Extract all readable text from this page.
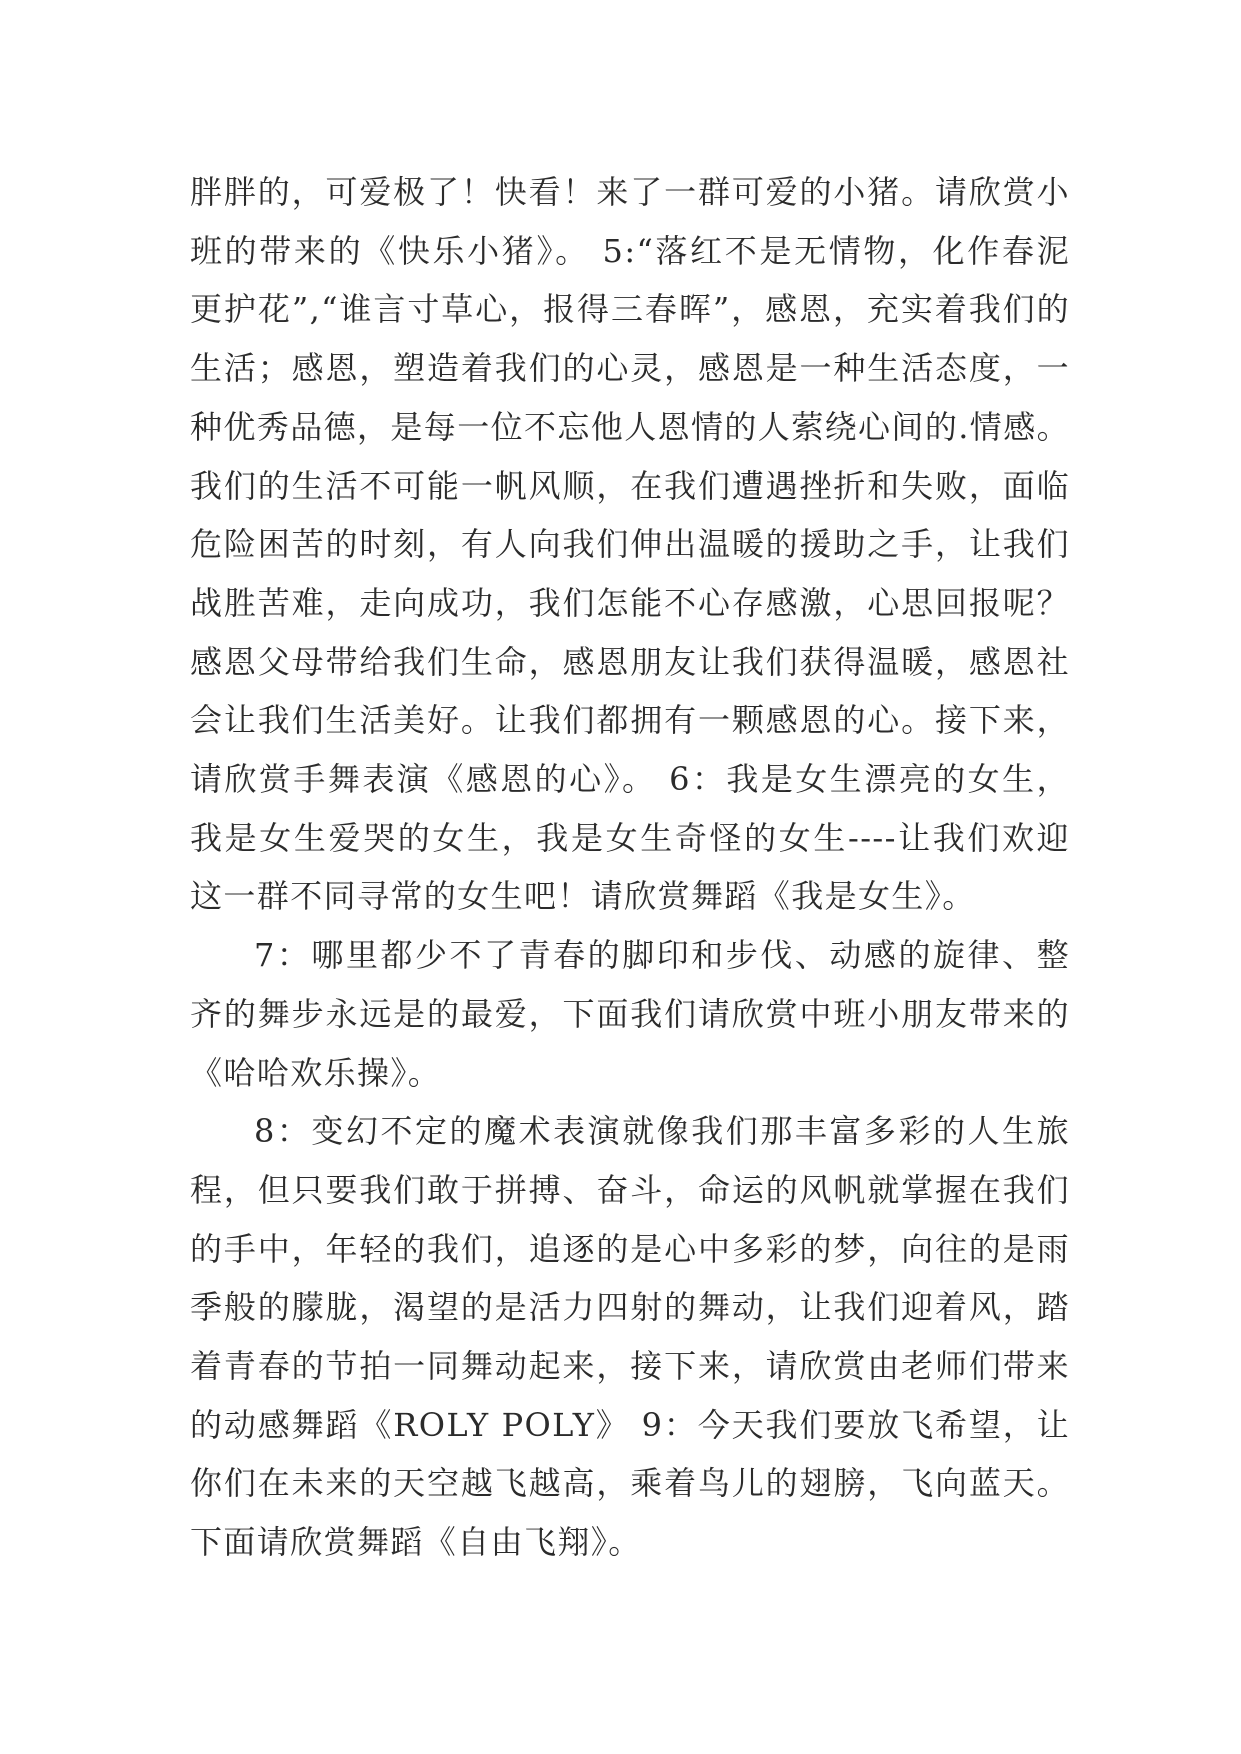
胖胖的，可爱极了！快看！来了一群可爱的小猪。请欣赏小班的带来的《快乐小猪》。 5:“落红不是无情物，化作春泥更护花”,“谁言寸草心，报得三春晖”，感恩，充实着我们的生活；感恩，塑造着我们的心灵，感恩是一种生活态度，一种优秀品德，是每一位不忘他人恩情的人萦绕心间的.情感。我们的生活不可能一帆风顺，在我们遭遇挫折和失败，面临危险困苦的时刻，有人向我们伸出温暖的援助之手，让我们战胜苦难，走向成功，我们怎能不心存感激，心思回报呢？感恩父母带给我们生命，感恩朋友让我们获得温暖，感恩社会让我们生活美好。让我们都拥有一颗感恩的心。接下来，请欣赏手舞表演《感恩的心》。 6：我是女生漂亮的女生，我是女生爱哭的女生，我是女生奇怪的女生----让我们欢迎这一群不同寻常的女生吧！请欣赏舞蹈《我是女生》。

7：哪里都少不了青春的脚印和步伐、动感的旋律、整齐的舞步永远是的最爱，下面我们请欣赏中班小朋友带来的《哈哈欢乐操》。

8：变幻不定的魔术表演就像我们那丰富多彩的人生旅程，但只要我们敢于拼搏、奋斗，命运的风帆就掌握在我们的手中，年轻的我们，追逐的是心中多彩的梦，向往的是雨季般的朦胧，渴望的是活力四射的舞动，让我们迎着风，踏着青春的节拍一同舞动起来，接下来，请欣赏由老师们带来的动感舞蹈《ROLY POLY》 9：今天我们要放飞希望，让你们在未来的天空越飞越高，乘着鸟儿的翅膀，飞向蓝天。下面请欣赏舞蹈《自由飞翔》。
